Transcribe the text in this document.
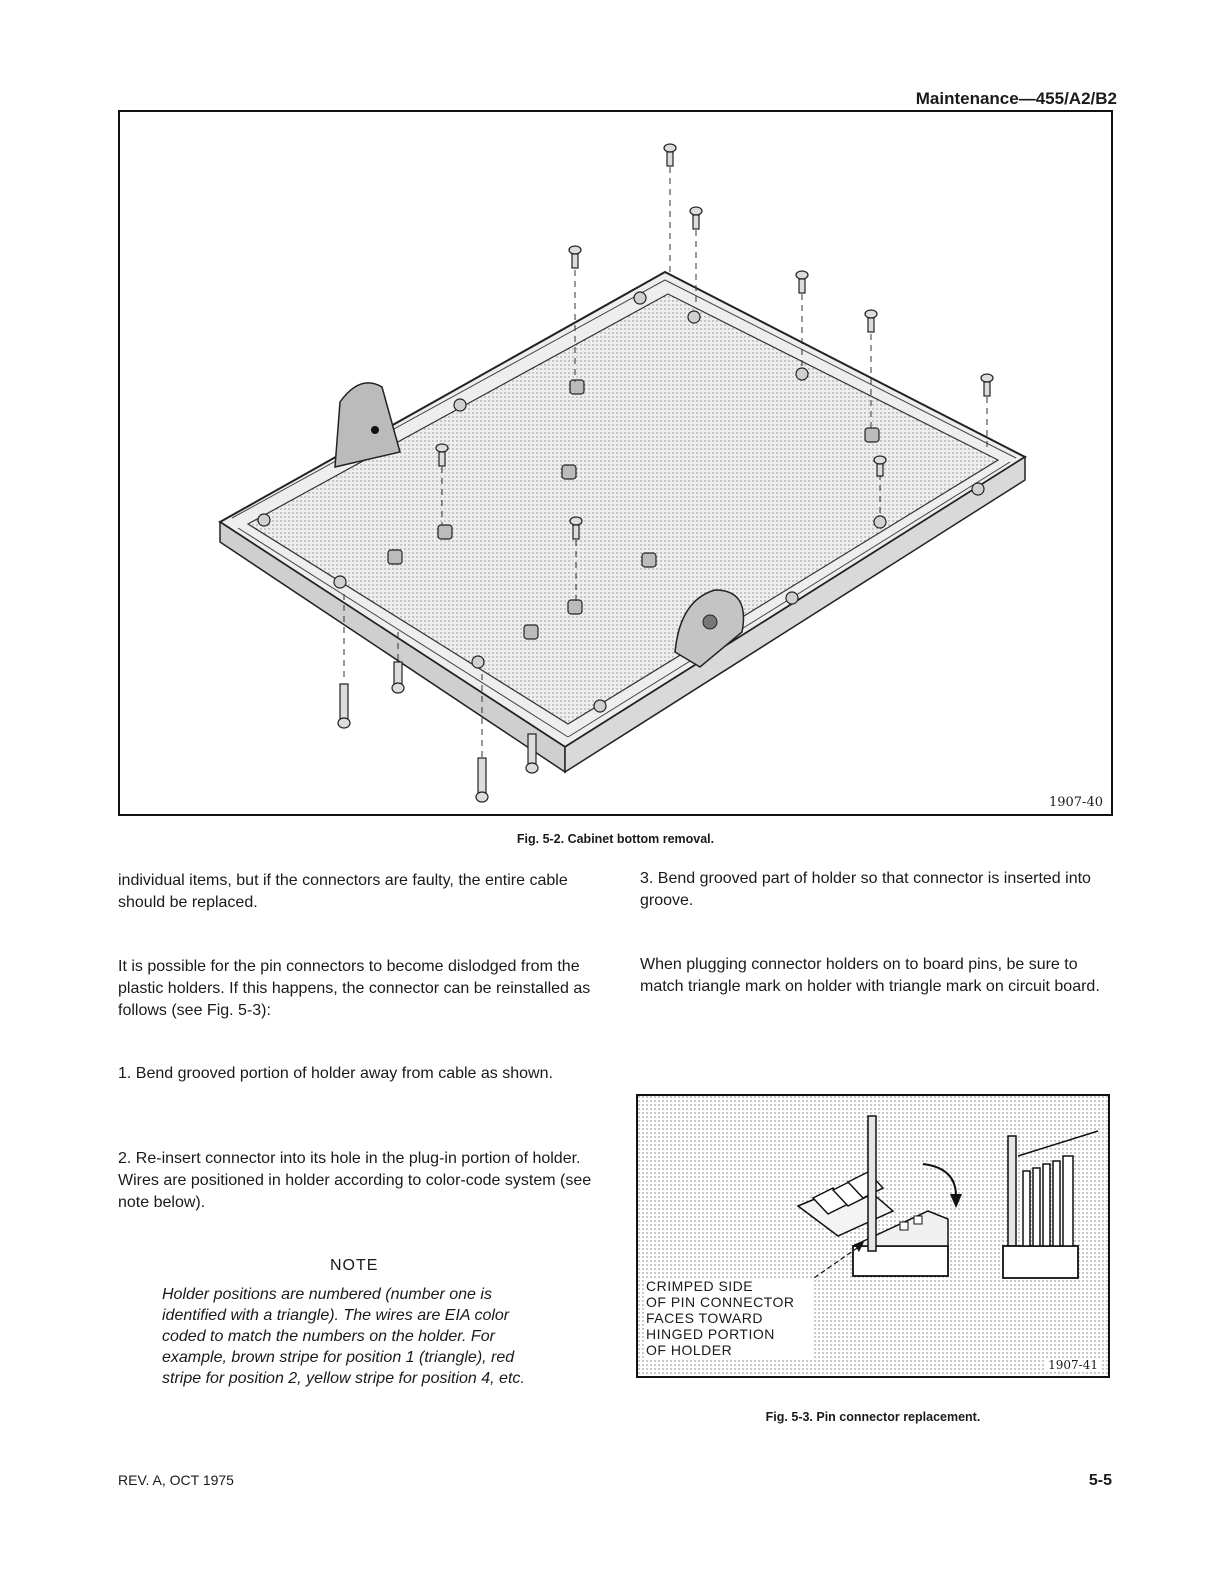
Maintenance—455/A2/B2
1907-40
Fig. 5-2. Cabinet bottom removal.
individual items, but if the connectors are faulty, the entire cable should be replaced.
It is possible for the pin connectors to become dislodged from the plastic holders. If this happens, the connector can be reinstalled as follows (see Fig. 5-3):
1. Bend grooved portion of holder away from cable as shown.
2. Re-insert connector into its hole in the plug-in portion of holder. Wires are positioned in holder according to color-code system (see note below).
NOTE
Holder positions are numbered (number one is identified with a triangle). The wires are EIA color coded to match the numbers on the holder. For example, brown stripe for position 1 (triangle), red stripe for position 2, yellow stripe for position 4, etc.
3. Bend grooved part of holder so that connector is inserted into groove.
When plugging connector holders on to board pins, be sure to match triangle mark on holder with triangle mark on circuit board.
CRIMPED SIDE
OF PIN CONNECTOR
FACES TOWARD
HINGED PORTION
OF HOLDER
1907-41
Fig. 5-3. Pin connector replacement.
REV. A, OCT 1975	5-5
